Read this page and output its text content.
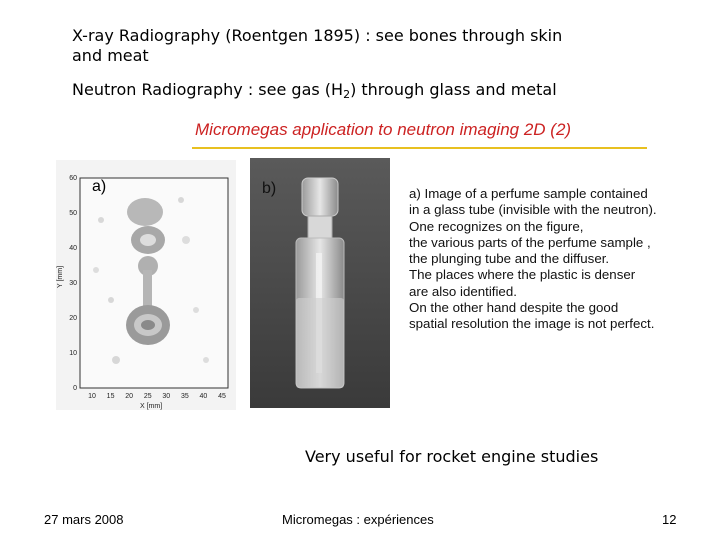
X-ray Radiography (Roentgen 1895) : see bones through skin and meat
Neutron Radiography : see gas $(H_2)$ through glass and metal
Micromegas application to neutron imaging 2D (2)
0
10
20
30
40
50
60
10 15 20 25 30 35 40 45
Y [mm]
X [mm]
a)	b)	a) Image of a perfume sample contained
in a glass tube (invisible with the neutron).
One recognizes on the figure,
the various parts of the perfume sample ,
the plunging tube and the diffuser.
The places where the plastic is denser
are also identified.
On the other hand despite the good
spatial resolution the image is not perfect.
Very useful for rocket engine studies
27 mars 2008	Micromegas : expériences	12
